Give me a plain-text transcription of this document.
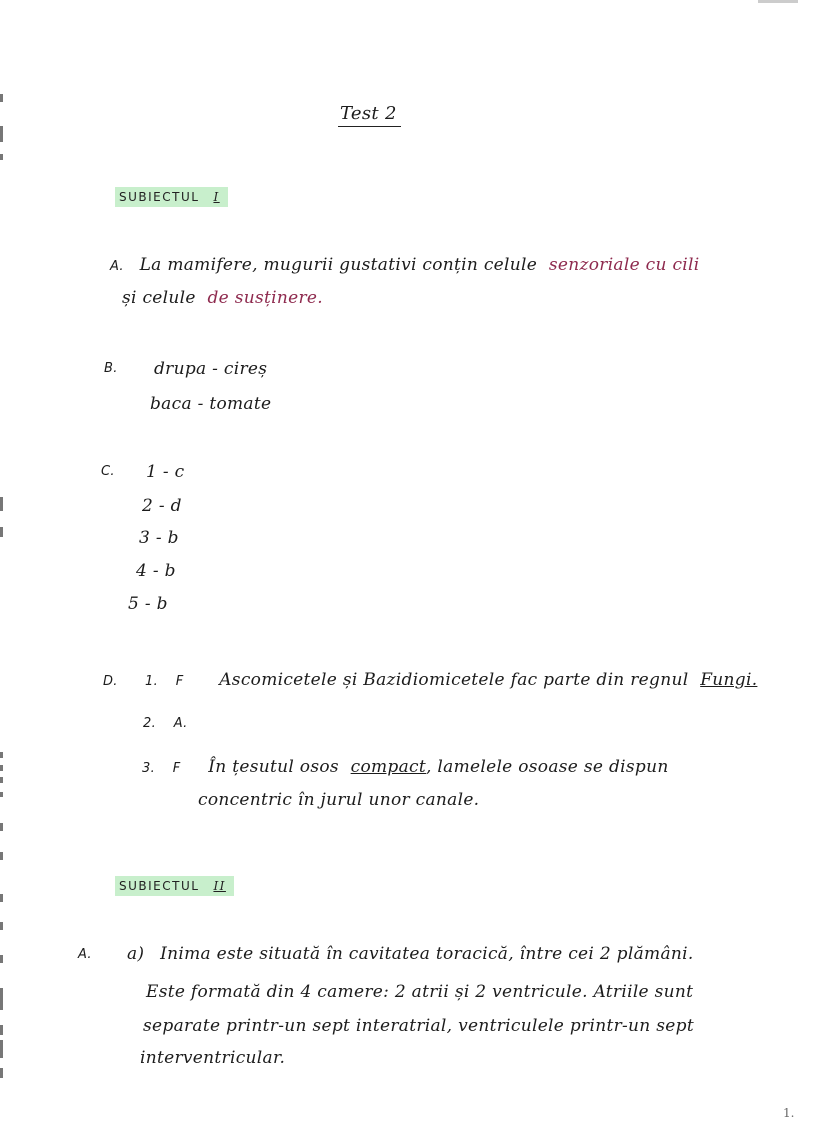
Test 2
SUBIECTUL I
A. La mamifere, mugurii gustativi conțin celule senzoriale cu cili
și celule de susținere.
B. drupa - cireș
baca - tomate
C. 1 - c
2 - d
3 - b
4 - b
5 - b
D. 1. F Ascomicetele și Bazidiomicetele fac parte din regnul Fungi.
2. A.
3. F În țesutul osos compact, lamelele osoase se dispun
concentric în jurul unor canale.
SUBIECTUL II
A. a) Inima este situată în cavitatea toracică, între cei 2 plămâni.
Este formată din 4 camere: 2 atrii și 2 ventricule. Atriile sunt
separate printr-un sept interatrial, ventriculele printr-un sept
interventricular.
1.
